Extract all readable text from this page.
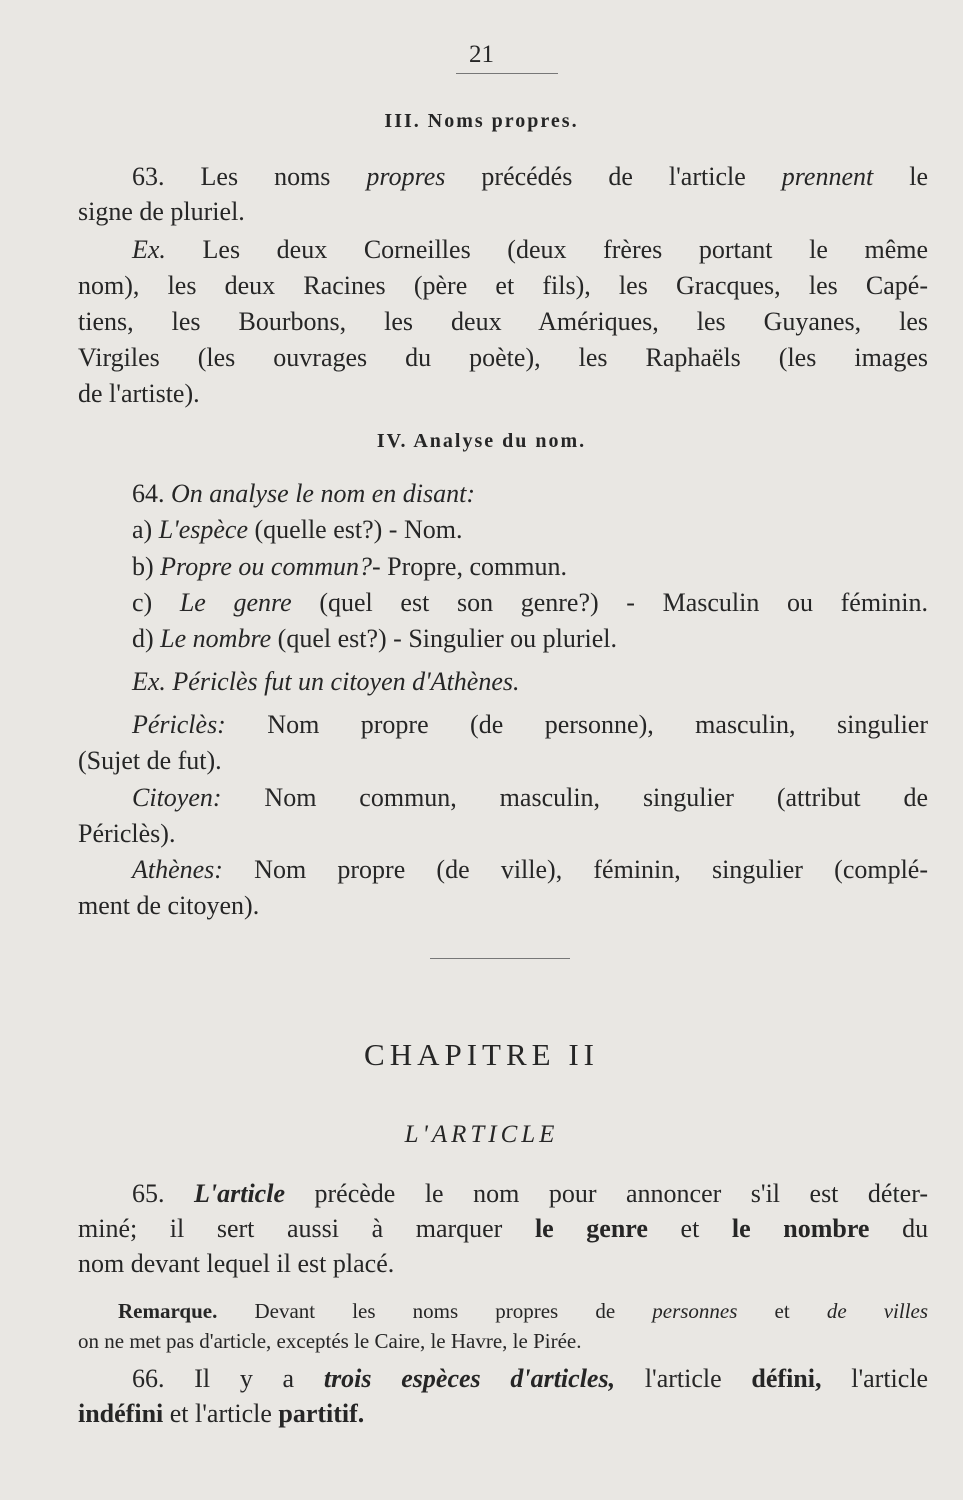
21
III. Noms propres.
63. Les noms propres précédés de l'article prennent le
signe de pluriel.
Ex. Les deux Corneilles (deux frères portant le même
nom), les deux Racines (père et fils), les Gracques, les Capé-
tiens, les Bourbons, les deux Amériques, les Guyanes, les
Virgiles (les ouvrages du poète), les Raphaëls (les images
de l'artiste).
IV. Analyse du nom.
64. On analyse le nom en disant:
a) L'espèce (quelle est?) - Nom.
b) Propre ou commun?- Propre, commun.
c) Le genre (quel est son genre?) - Masculin ou féminin.
d) Le nombre (quel est?) - Singulier ou pluriel.
Ex. Périclès fut un citoyen d'Athènes.
Périclès: Nom propre (de personne), masculin, singulier
(Sujet de fut).
Citoyen: Nom commun, masculin, singulier (attribut de
Périclès).
Athènes: Nom propre (de ville), féminin, singulier (complé-
ment de citoyen).
CHAPITRE II
L'ARTICLE
65. L'article précède le nom pour annoncer s'il est déter-
miné; il sert aussi à marquer le genre et le nombre du
nom devant lequel il est placé.
Remarque. Devant les noms propres de personnes et de villes
on ne met pas d'article, exceptés le Caire, le Havre, le Pirée.
66. Il y a trois espèces d'articles, l'article défini, l'article
indéfini et l'article partitif.
